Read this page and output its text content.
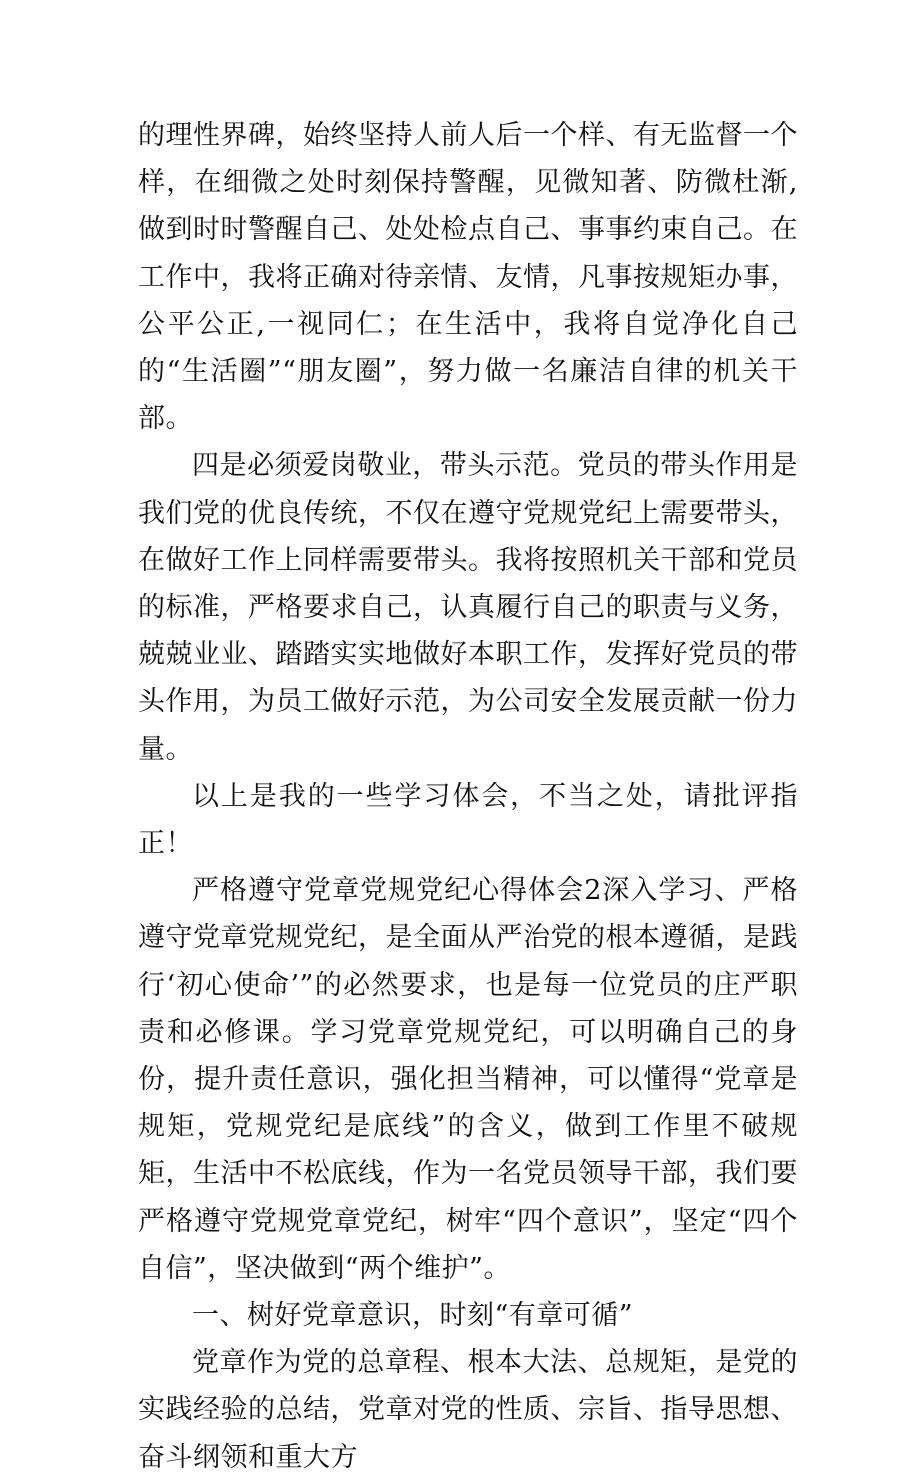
的理性界碑，始终坚持人前人后一个样、有无监督一个样，在细微之处时刻保持警醒，见微知著、防微杜渐,做到时时警醒自己、处处检点自己、事事约束自己。在工作中，我将正确对待亲情、友情，凡事按规矩办事，公平公正,一视同仁；在生活中，我将自觉净化自己的“生活圈”“朋友圈”，努力做一名廉洁自律的机关干部。

四是必须爱岗敬业，带头示范。党员的带头作用是我们党的优良传统，不仅在遵守党规党纪上需要带头，在做好工作上同样需要带头。我将按照机关干部和党员的标准，严格要求自己，认真履行自己的职责与义务，兢兢业业、踏踏实实地做好本职工作，发挥好党员的带头作用，为员工做好示范，为公司安全发展贡献一份力量。

以上是我的一些学习体会，不当之处，请批评指正！

严格遵守党章党规党纪心得体会2深入学习、严格遵守党章党规党纪，是全面从严治党的根本遵循，是践行‘初心使命’”的必然要求，也是每一位党员的庄严职责和必修课。学习党章党规党纪，可以明确自己的身份，提升责任意识，强化担当精神，可以懂得“党章是规矩，党规党纪是底线”的含义，做到工作里不破规矩，生活中不松底线，作为一名党员领导干部，我们要严格遵守党规党章党纪，树牢“四个意识”，坚定“四个自信”，坚决做到“两个维护”。

一、树好党章意识，时刻“有章可循”

党章作为党的总章程、根本大法、总规矩，是党的实践经验的总结，党章对党的性质、宗旨、指导思想、奋斗纲领和重大方
